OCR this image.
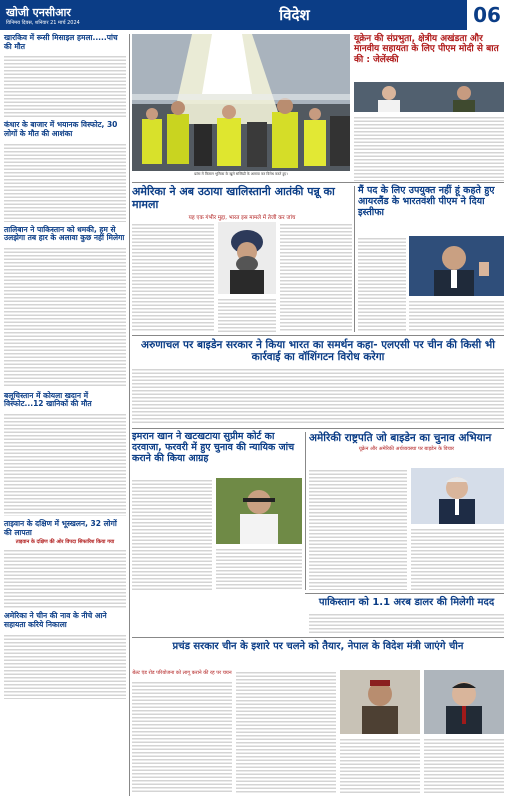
खोजी एनसीआर
विनिमय दिवस, शनिवार 21 मार्च 2024	विदेश	06
खारकिव में रूसी मिसाइल हमला.....पांच की मौत
कंधार के बाजार में भयानक विस्फोट, 30 लोगों के मौत की आशंका
तालिबान ने पाकिस्तान को धमकी, हम से उलझेगा तब हार के अलावा कुछ नहीं मिलेगा
बलूचिस्तान में कोयला खदान में विस्फोट...12 खानिकों की मौत
ताइवान के दक्षिण में भूस्खलन, 32 लोगों की लापता
ताइवान के दक्षिण की ओर विपदा सिफारिश किया गया
अमेरिका ने चीन की नाव के नीचे आने सहायता करिये निकाला
फ्रांस में किसान भूमिका के खुले सब्सिडी के अलावा कर विरोध करते हुए।
यूक्रेन की संप्रभुता, क्षेत्रीय अखंडता और मानवीय सहायता के लिए पीएम मोदी से बात की : जेलेंस्की
अमेरिका ने अब उठाया खालिस्तानी आतंकी पन्नू का मामला
यह एक गंभीर मुद्दा, भारत इस मामले में तेजी कर जांच
मैं पद के लिए उपयुक्त नहीं हूं कहते हुए आयरलैंड के भारतवंशी पीएम ने दिया इस्तीफा
अरुणाचल पर बाइडेन सरकार ने किया भारत का समर्थन कहा- एलएसी पर चीन की किसी भी कार्रवाई का वॉशिंगटन विरोध करेगा
इमरान खान ने खटखटाया सुप्रीम कोर्ट का दरवाजा, फरवरी में हुए चुनाव की न्यायिक जांच कराने की किया आग्रह
अमेरिकी राष्ट्रपति जो बाइडेन का चुनाव अभियान
यूक्रेन और अमेरिकी अर्थव्यवस्था पर बाइडेन के विचार
पाकिस्तान को 1.1 अरब डालर की मिलेगी मदद
प्रचंड सरकार चीन के इशारे पर चलने को तैयार, नेपाल के विदेश मंत्री जाएंगे चीन
बेल्ट एंड रोड परियोजना को लागू कराने की रह पर चयन
